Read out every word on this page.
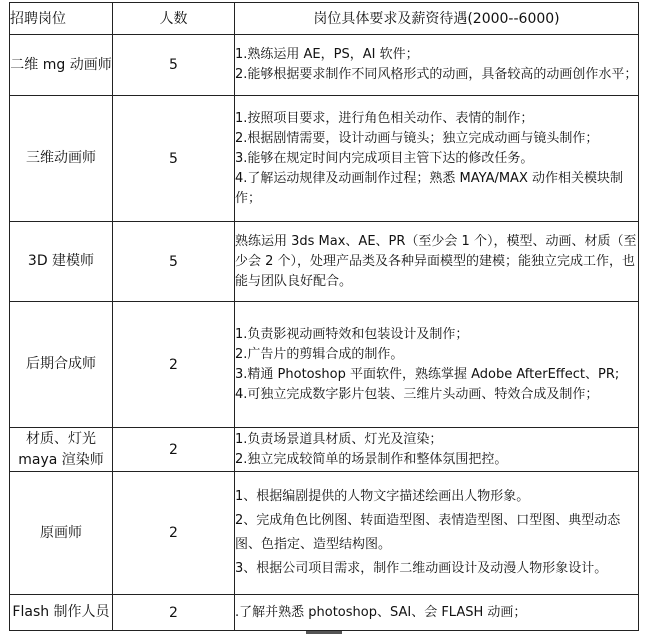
招聘岗位	人数	岗位具体要求及薪资待遇(2000--6000)
二维 mg 动画师	5	1.熟练运用 AE，PS，AI 软件；
2.能够根据要求制作不同风格形式的动画，具备较高的动画创作水平；

三维动画师	5	1.按照项目要求，进行角色相关动作、表情的制作；
2.根据剧情需要，设计动画与镜头；独立完成动画与镜头制作；
3.能够在规定时间内完成项目主管下达的修改任务。
4.了解运动规律及动画制作过程；熟悉 MAYA/MAX 动作相关模块制作；

3D 建模师	5	熟练运用 3ds Max、AE、PR（至少会 1 个），模型、动画、材质（至少会 2 个），处理产品类及各种异面模型的建模；能独立完成工作，也能与团队良好配合。

后期合成师	2	1.负责影视动画特效和包装设计及制作；
2.广告片的剪辑合成的制作。
3.精通 Photoshop 平面软件，熟练掌握 Adobe AfterEffect、PR;
4.可独立完成数字影片包装、三维片头动画、特效合成及制作；

材质、灯光 maya 渲染师	2	1.负责场景道具材质、灯光及渲染；
2.独立完成较简单的场景制作和整体氛围把控。

原画师	2	1、根据编剧提供的人物文字描述绘画出人物形象。
2、完成角色比例图、转面造型图、表情造型图、口型图、典型动态图、色指定、造型结构图。
3、根据公司项目需求，制作二维动画设计及动漫人物形象设计。

Flash 制作人员	2	.了解并熟悉 photoshop、SAI、会 FLASH 动画；
